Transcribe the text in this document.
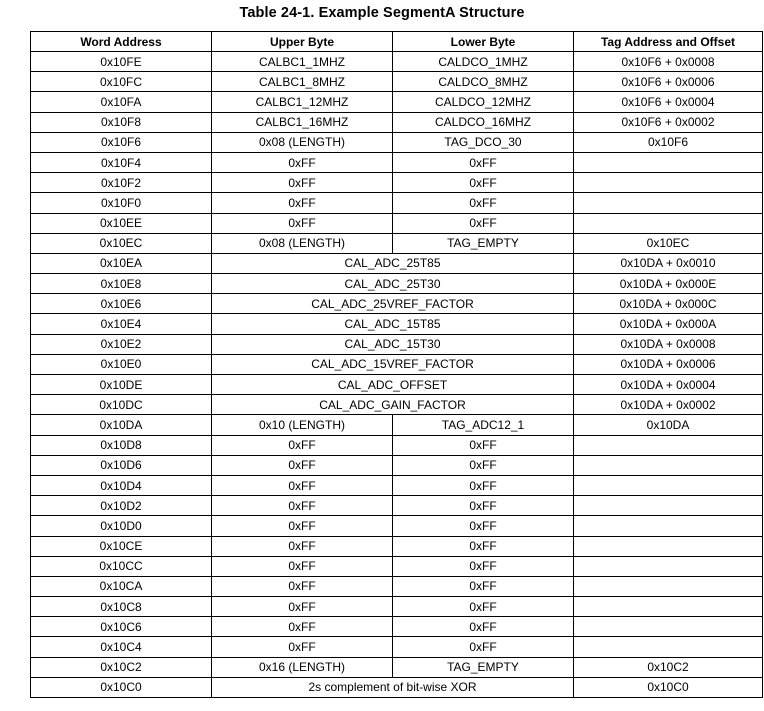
Table 24-1. Example SegmentA Structure
Word Address	Upper Byte	Lower Byte	Tag Address and Offset
0x10FE	CALBC1_1MHZ	CALDCO_1MHZ	0x10F6 + 0x0008
0x10FC	CALBC1_8MHZ	CALDCO_8MHZ	0x10F6 + 0x0006
0x10FA	CALBC1_12MHZ	CALDCO_12MHZ	0x10F6 + 0x0004
0x10F8	CALBC1_16MHZ	CALDCO_16MHZ	0x10F6 + 0x0002
0x10F6	0x08 (LENGTH)	TAG_DCO_30	0x10F6
0x10F4	0xFF	0xFF	
0x10F2	0xFF	0xFF	
0x10F0	0xFF	0xFF	
0x10EE	0xFF	0xFF	
0x10EC	0x08 (LENGTH)	TAG_EMPTY	0x10EC
0x10EA	CAL_ADC_25T85		0x10DA + 0x0010
0x10E8	CAL_ADC_25T30		0x10DA + 0x000E
0x10E6	CAL_ADC_25VREF_FACTOR		0x10DA + 0x000C
0x10E4	CAL_ADC_15T85		0x10DA + 0x000A
0x10E2	CAL_ADC_15T30		0x10DA + 0x0008
0x10E0	CAL_ADC_15VREF_FACTOR		0x10DA + 0x0006
0x10DE	CAL_ADC_OFFSET		0x10DA + 0x0004
0x10DC	CAL_ADC_GAIN_FACTOR		0x10DA + 0x0002
0x10DA	0x10 (LENGTH)	TAG_ADC12_1	0x10DA
0x10D8	0xFF	0xFF	
0x10D6	0xFF	0xFF	
0x10D4	0xFF	0xFF	
0x10D2	0xFF	0xFF	
0x10D0	0xFF	0xFF	
0x10CE	0xFF	0xFF	
0x10CC	0xFF	0xFF	
0x10CA	0xFF	0xFF	
0x10C8	0xFF	0xFF	
0x10C6	0xFF	0xFF	
0x10C4	0xFF	0xFF	
0x10C2	0x16 (LENGTH)	TAG_EMPTY	0x10C2
0x10C0	2s complement of bit-wise XOR		0x10C0
